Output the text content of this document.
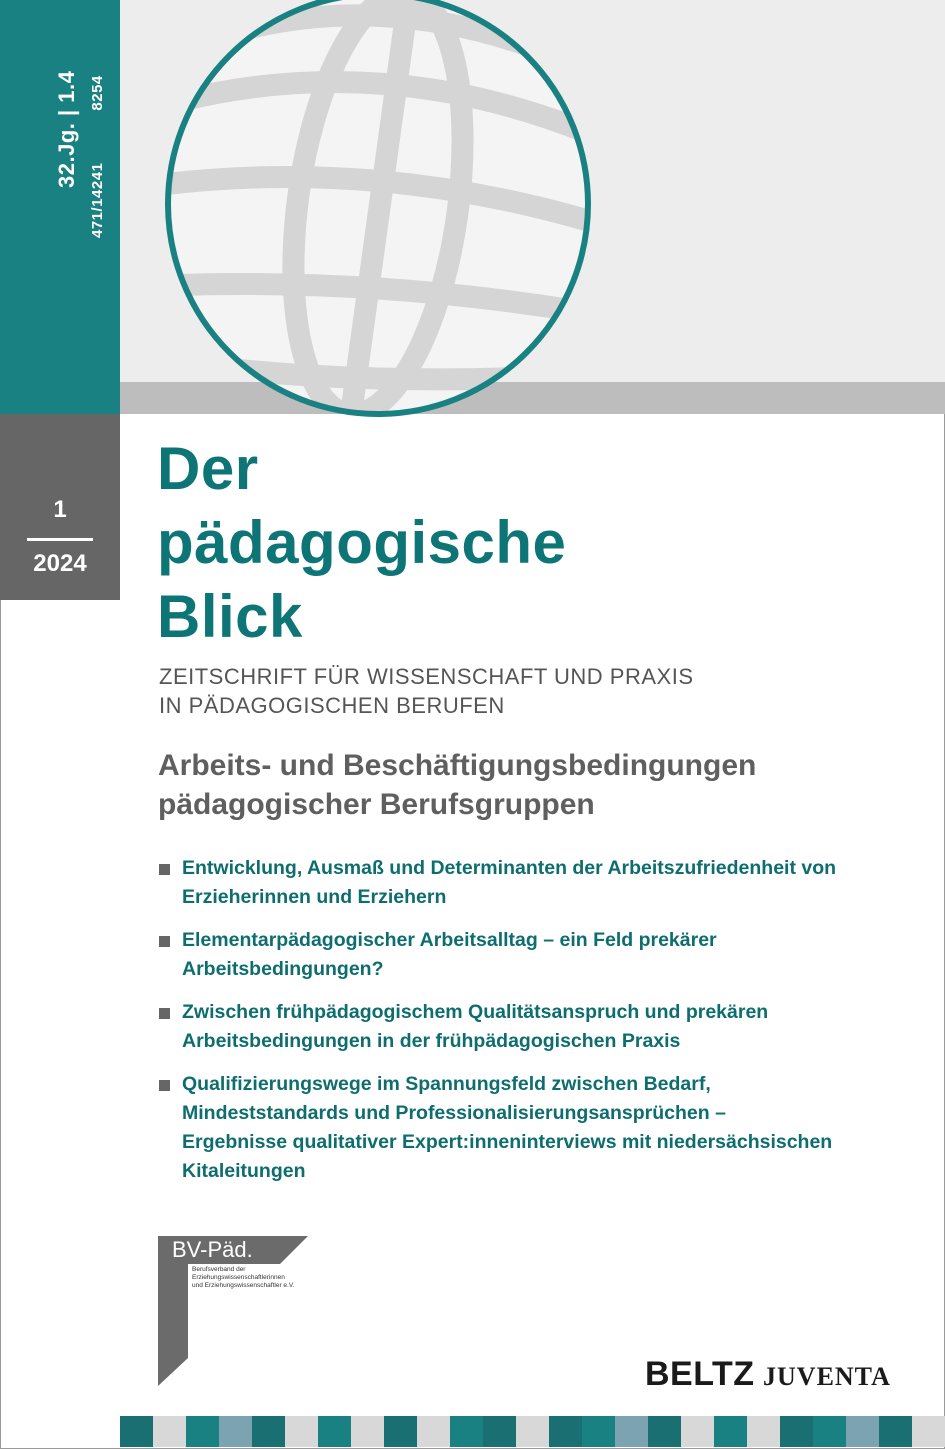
32.Jg. | 1.4
471/142418254
1
2024
Der
pädagogische
Blick
ZEITSCHRIFT FÜR WISSENSCHAFT UND PRAXIS
IN PÄDAGOGISCHEN BERUFEN
Arbeits- und Beschäftigungsbedingungen
pädagogischer Berufsgruppen
Entwicklung, Ausmaß und Determinanten der Arbeitszufriedenheit von
Erzieherinnen und Erziehern
Elementarpädagogischer Arbeitsalltag – ein Feld prekärer
Arbeitsbedingungen?
Zwischen frühpädagogischem Qualitätsanspruch und prekären
Arbeitsbedingungen in der frühpädagogischen Praxis
Qualifizierungswege im Spannungsfeld zwischen Bedarf,
Mindeststandards und Professionalisierungsansprüchen –
Ergebnisse qualitativer Expert:inneninterviews mit niedersächsischen
Kitaleitungen
BV-Päd.
Berufsverband der
Erziehungswissenschaftlerinnen
und Erziehungswissenschaftler e.V.
BELTZ JUVENTA
